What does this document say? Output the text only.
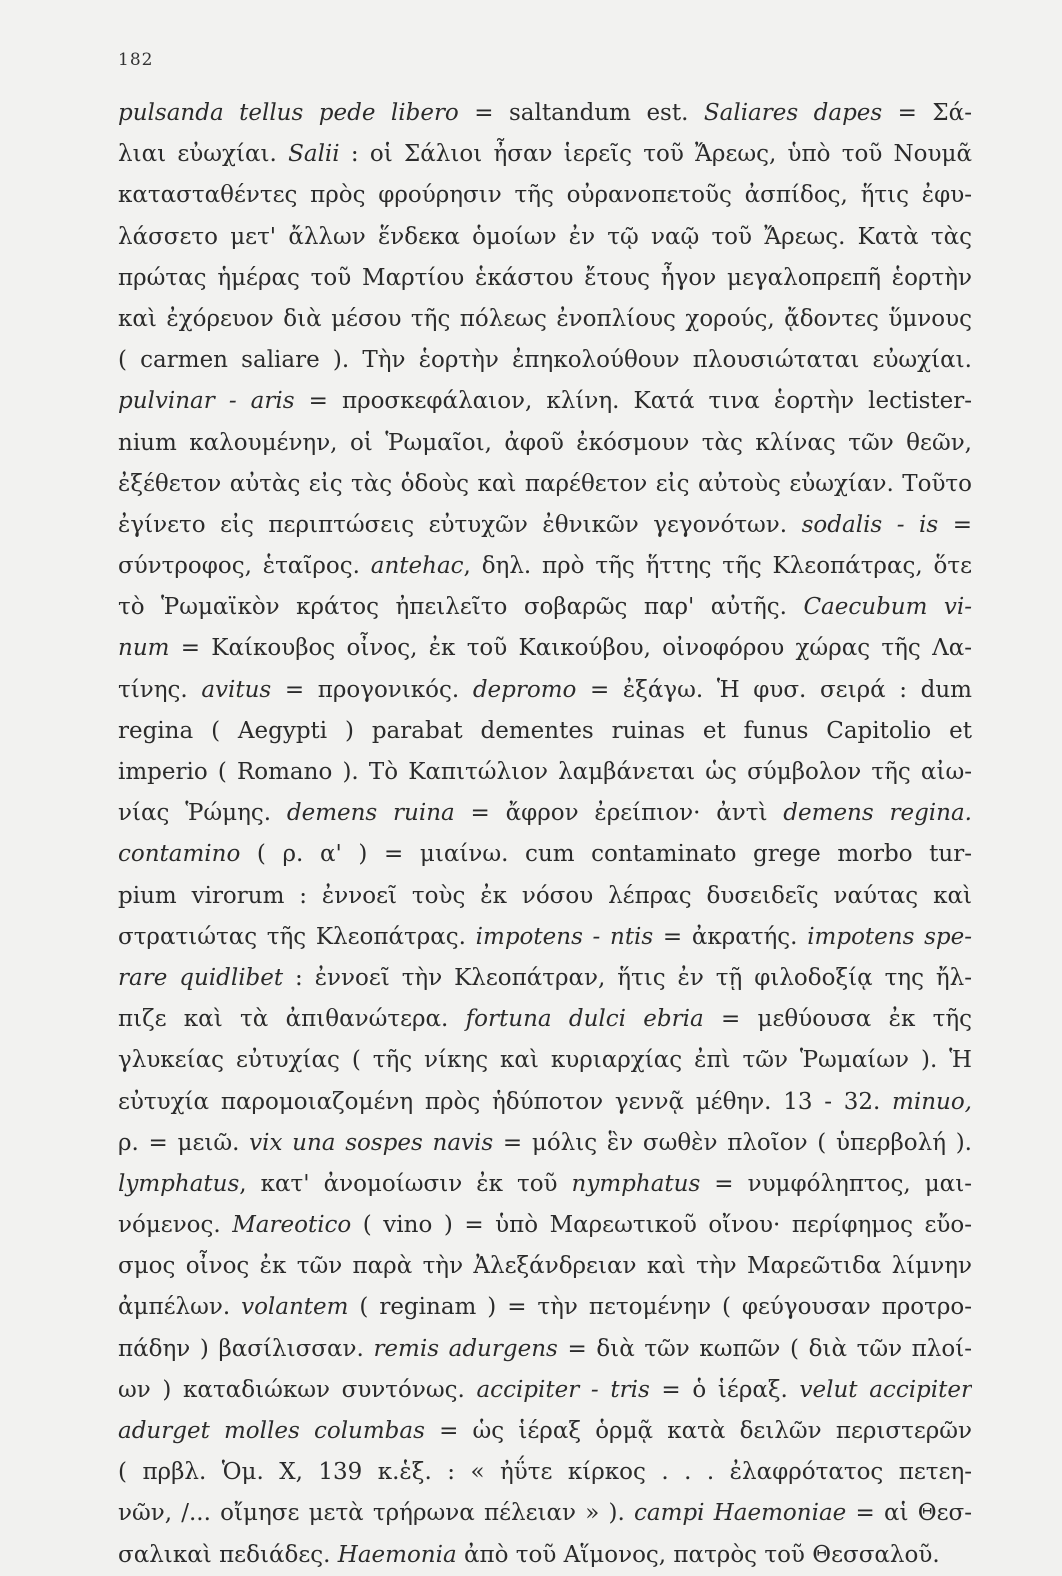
182
pulsanda tellus pede libero = saltandum est. Saliares dapes = Σά-
λιαι εὐωχίαι. Salii : οἱ Σάλιοι ἦσαν ἱερεῖς τοῦ Ἄρεως, ὑπὸ τοῦ Νουμᾶ
κατασταθέντες πρὸς φρούρησιν τῆς οὐρανοπετοῦς ἀσπίδος, ἥτις ἐφυ-
λάσσετο μετ' ἄλλων ἕνδεκα ὁμοίων ἐν τῷ ναῷ τοῦ Ἄρεως. Κατὰ τὰς
πρώτας ἡμέρας τοῦ Μαρτίου ἑκάστου ἔτους ἦγον μεγαλοπρεπῆ ἑορτὴν
καὶ ἐχόρευον διὰ μέσου τῆς πόλεως ἐνοπλίους χορούς, ᾄδοντες ὕμνους
( carmen saliare ). Τὴν ἑορτὴν ἐπηκολούθουν πλουσιώταται εὐωχίαι.
pulvinar - aris = προσκεφάλαιον, κλίνη. Κατά τινα ἑορτὴν lectister-
nium καλουμένην, οἱ Ῥωμαῖοι, ἀφοῦ ἐκόσμουν τὰς κλίνας τῶν θεῶν,
ἐξέθετον αὐτὰς εἰς τὰς ὁδοὺς καὶ παρέθετον εἰς αὐτοὺς εὐωχίαν. Τοῦτο
ἐγίνετο εἰς περιπτώσεις εὐτυχῶν ἐθνικῶν γεγονότων. sodalis - is =
σύντροφος, ἑταῖρος. antehac, δηλ. πρὸ τῆς ἥττης τῆς Κλεοπάτρας, ὅτε
τὸ Ῥωμαϊκὸν κράτος ἠπειλεῖτο σοβαρῶς παρ' αὐτῆς. Caecubum vi-
num = Καίκουβος οἶνος, ἐκ τοῦ Καικούβου, οἰνοφόρου χώρας τῆς Λα-
τίνης. avitus = προγονικός. depromo = ἐξάγω. Ἡ φυσ. σειρά : dum
regina ( Aegypti ) parabat dementes ruinas et funus Capitolio et
imperio ( Romano ). Τὸ Καπιτώλιον λαμβάνεται ὡς σύμβολον τῆς αἰω-
νίας Ῥώμης. demens ruina = ἄφρον ἐρείπιον· ἀντὶ demens regina.
contamino ( ρ. α' ) = μιαίνω. cum contaminato grege morbo tur-
pium virorum : ἐννοεῖ τοὺς ἐκ νόσου λέπρας δυσειδεῖς ναύτας καὶ
στρατιώτας τῆς Κλεοπάτρας. impotens - ntis = ἀκρατής. impotens spe-
rare quidlibet : ἐννοεῖ τὴν Κλεοπάτραν, ἥτις ἐν τῇ φιλοδοξίᾳ της ἤλ-
πιζε καὶ τὰ ἀπιθανώτερα. fortuna dulci ebria = μεθύουσα ἐκ τῆς
γλυκείας εὐτυχίας ( τῆς νίκης καὶ κυριαρχίας ἐπὶ τῶν Ῥωμαίων ). Ἡ
εὐτυχία παρομοιαζομένη πρὸς ἡδύποτον γεννᾷ μέθην. 13 - 32. minuo,
ρ. = μειῶ. vix una sospes navis = μόλις ἓν σωθὲν πλοῖον ( ὑπερβολή ).
lymphatus, κατ' ἀνομοίωσιν ἐκ τοῦ nymphatus = νυμφόληπτος, μαι-
νόμενος. Mareotico ( vino ) = ὑπὸ Μαρεωτικοῦ οἴνου· περίφημος εὔο-
σμος οἶνος ἐκ τῶν παρὰ τὴν Ἀλεξάνδρειαν καὶ τὴν Μαρεῶτιδα λίμνην
ἀμπέλων. volantem ( reginam ) = τὴν πετομένην ( φεύγουσαν προτρο-
πάδην ) βασίλισσαν. remis adurgens = διὰ τῶν κωπῶν ( διὰ τῶν πλοί-
ων ) καταδιώκων συντόνως. accipiter - tris = ὁ ἱέραξ. velut accipiter
adurget molles columbas = ὡς ἱέραξ ὁρμᾷ κατὰ δειλῶν περιστερῶν
( πρβλ. Ὁμ. X, 139 κ.ἑξ. : « ἠΰτε κίρκος . . . ἐλαφρότατος πετεη-
νῶν, /... οἴμησε μετὰ τρήρωνα πέλειαν » ). campi Haemoniae = αἱ Θεσ-
σαλικαὶ πεδιάδες. Haemonia ἀπὸ τοῦ Αἵμονος, πατρὸς τοῦ Θεσσαλοῦ.
